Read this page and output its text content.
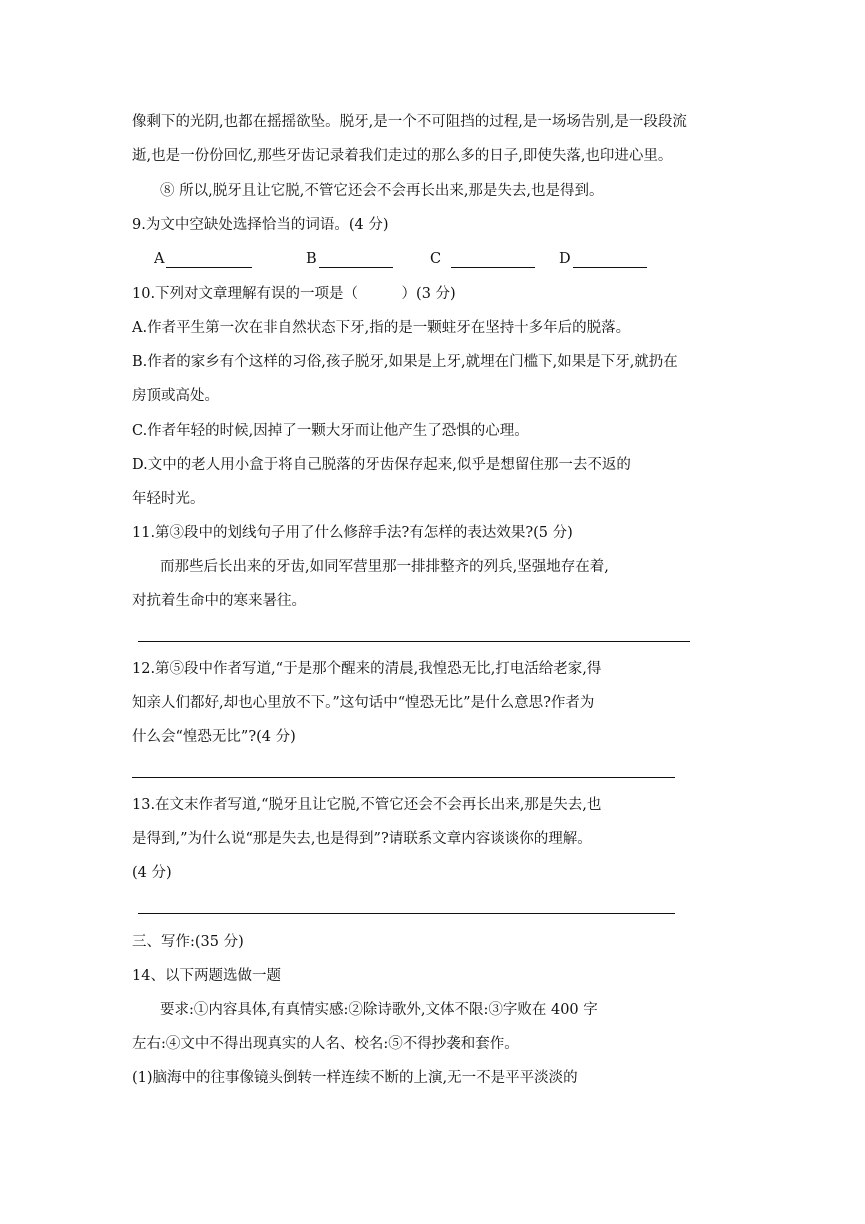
像剩下的光阴,也都在摇摇欲坠。脱牙,是一个不可阻挡的过程,是一场场告别,是一段段流
逝,也是一份份回忆,那些牙齿记录着我们走过的那么多的日子,即使失落,也印进心里。
⑧ 所以,脱牙且让它脱,不管它还会不会再长出来,那是失去,也是得到。
9.为文中空缺处选择恰当的词语。(4 分)
A	B	C	D
10.下列对文章理解有误的一项是（　　　）(3 分)
A.作者平生第一次在非自然状态下牙,指的是一颗蛀牙在坚持十多年后的脱落。
B.作者的家乡有个这样的习俗,孩子脱牙,如果是上牙,就埋在门槛下,如果是下牙,就扔在
房顶或高处。
C.作者年轻的时候,因掉了一颗大牙而让他产生了恐惧的心理。
D.文中的老人用小盒于将自己脱落的牙齿保存起来,似乎是想留住那一去不返的
年轻时光。
11.第③段中的划线句子用了什么修辞手法?有怎样的表达效果?(5 分)
而那些后长出来的牙齿,如同军营里那一排排整齐的列兵,坚强地存在着,
对抗着生命中的寒来暑往。
12.第⑤段中作者写道,“于是那个醒来的清晨,我惶恐无比,打电活给老家,得
知亲人们都好,却也心里放不下。”这句话中“惶恐无比”是什么意思?作者为
什么会“惶恐无比”?(4 分)
13.在文末作者写道,“脱牙且让它脱,不管它还会不会再长出来,那是失去,也
是得到,”为什么说“那是失去,也是得到”?请联系文章内容谈谈你的理解。
(4 分)
三、写作:(35 分)
14、以下两题选做一题
要求:①内容具体,有真情实感:②除诗歌外,文体不限:③字败在 400 字
左右:④文中不得出现真实的人名、校名:⑤不得抄袭和套作。
(1)脑海中的往事像镜头倒转一样连续不断的上演,无一不是平平淡淡的
